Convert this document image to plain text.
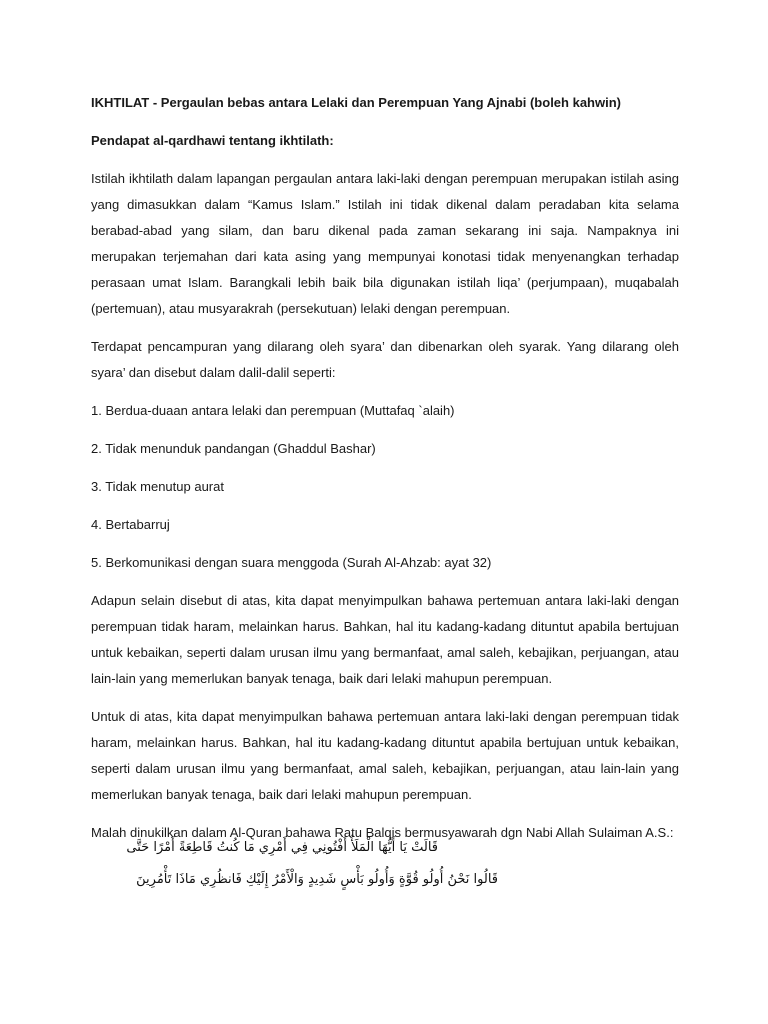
IKHTILAT - Pergaulan bebas antara Lelaki dan Perempuan Yang Ajnabi (boleh kahwin)

Pendapat al-qardhawi tentang ikhtilath:

Istilah ikhtilath dalam lapangan pergaulan antara laki-laki dengan perempuan merupakan istilah asing yang dimasukkan dalam “Kamus Islam.” Istilah ini tidak dikenal dalam peradaban kita selama berabad-abad yang silam, dan baru dikenal pada zaman sekarang ini saja. Nampaknya ini merupakan terjemahan dari kata asing yang mempunyai konotasi tidak menyenangkan terhadap perasaan umat Islam. Barangkali lebih baik bila digunakan istilah liqa’ (perjumpaan), muqabalah (pertemuan), atau musyarakrah (persekutuan) lelaki dengan perempuan.

Terdapat pencampuran yang dilarang oleh syara’ dan dibenarkan oleh syarak. Yang dilarang oleh syara’ dan disebut dalam dalil-dalil seperti:

1. Berdua-duaan antara lelaki dan perempuan (Muttafaq `alaih)

2. Tidak menunduk pandangan (Ghaddul Bashar)

3. Tidak menutup aurat

4. Bertabarruj

5. Berkomunikasi dengan suara menggoda (Surah Al-Ahzab: ayat 32)

Adapun selain disebut di atas, kita dapat menyimpulkan bahawa pertemuan antara laki-laki dengan perempuan tidak haram, melainkan harus. Bahkan, hal itu kadang-kadang dituntut apabila bertujuan untuk kebaikan, seperti dalam urusan ilmu yang bermanfaat, amal saleh, kebajikan, perjuangan, atau lain-lain yang memerlukan banyak tenaga, baik dari lelaki mahupun perempuan.

Untuk di atas, kita dapat menyimpulkan bahawa pertemuan antara laki-laki dengan perempuan tidak haram, melainkan harus. Bahkan, hal itu kadang-kadang dituntut apabila bertujuan untuk kebaikan, seperti dalam urusan ilmu yang bermanfaat, amal saleh, kebajikan, perjuangan, atau lain-lain yang memerlukan banyak tenaga, baik dari lelaki mahupun perempuan.

Malah dinukilkan dalam Al-Quran bahawa Ratu Balqis bermusyawarah dgn Nabi Allah Sulaiman A.S.:

قَالَتْ يَا أَيُّهَا الْمَلَأُ أَفْتُونِي فِي أَمْرِي مَا كُنتُ قَاطِعَةً أَمْرًا حَتَّى
قَالُوا نَحْنُ أُولُو قُوَّةٍ وَأُولُو بَأْسٍ شَدِيدٍ وَالْأَمْرُ إِلَيْكِ فَانظُرِي مَاذَا تَأْمُرِينَ
